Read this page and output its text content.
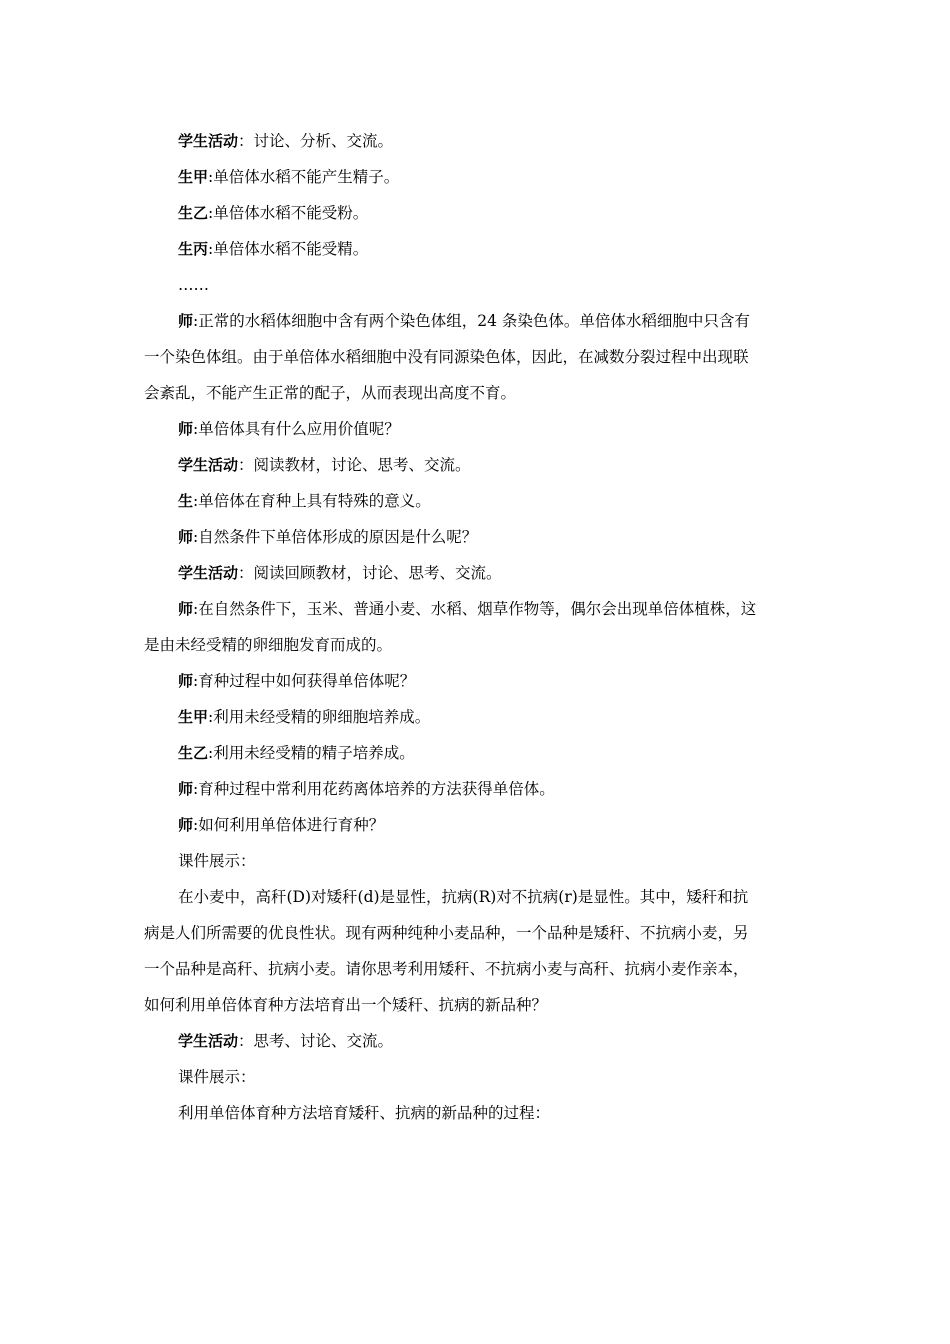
学生活动：讨论、分析、交流。
生甲:单倍体水稻不能产生精子。
生乙:单倍体水稻不能受粉。
生丙:单倍体水稻不能受精。
……
师:正常的水稻体细胞中含有两个染色体组，24 条染色体。单倍体水稻细胞中只含有
一个染色体组。由于单倍体水稻细胞中没有同源染色体，因此，在减数分裂过程中出现联
会紊乱，不能产生正常的配子，从而表现出高度不育。
师:单倍体具有什么应用价值呢？
学生活动：阅读教材，讨论、思考、交流。
生:单倍体在育种上具有特殊的意义。
师:自然条件下单倍体形成的原因是什么呢？
学生活动：阅读回顾教材，讨论、思考、交流。
师:在自然条件下，玉米、普通小麦、水稻、烟草作物等，偶尔会出现单倍体植株，这
是由未经受精的卵细胞发育而成的。
师:育种过程中如何获得单倍体呢？
生甲:利用未经受精的卵细胞培养成。
生乙:利用未经受精的精子培养成。
师:育种过程中常利用花药离体培养的方法获得单倍体。
师:如何利用单倍体进行育种？
课件展示：
在小麦中，高秆(D)对矮秆(d)是显性，抗病(R)对不抗病(r)是显性。其中，矮秆和抗
病是人们所需要的优良性状。现有两种纯种小麦品种，一个品种是矮秆、不抗病小麦，另
一个品种是高秆、抗病小麦。请你思考利用矮秆、不抗病小麦与高秆、抗病小麦作亲本，
如何利用单倍体育种方法培育出一个矮秆、抗病的新品种？
学生活动：思考、讨论、交流。
课件展示：
利用单倍体育种方法培育矮秆、抗病的新品种的过程：
